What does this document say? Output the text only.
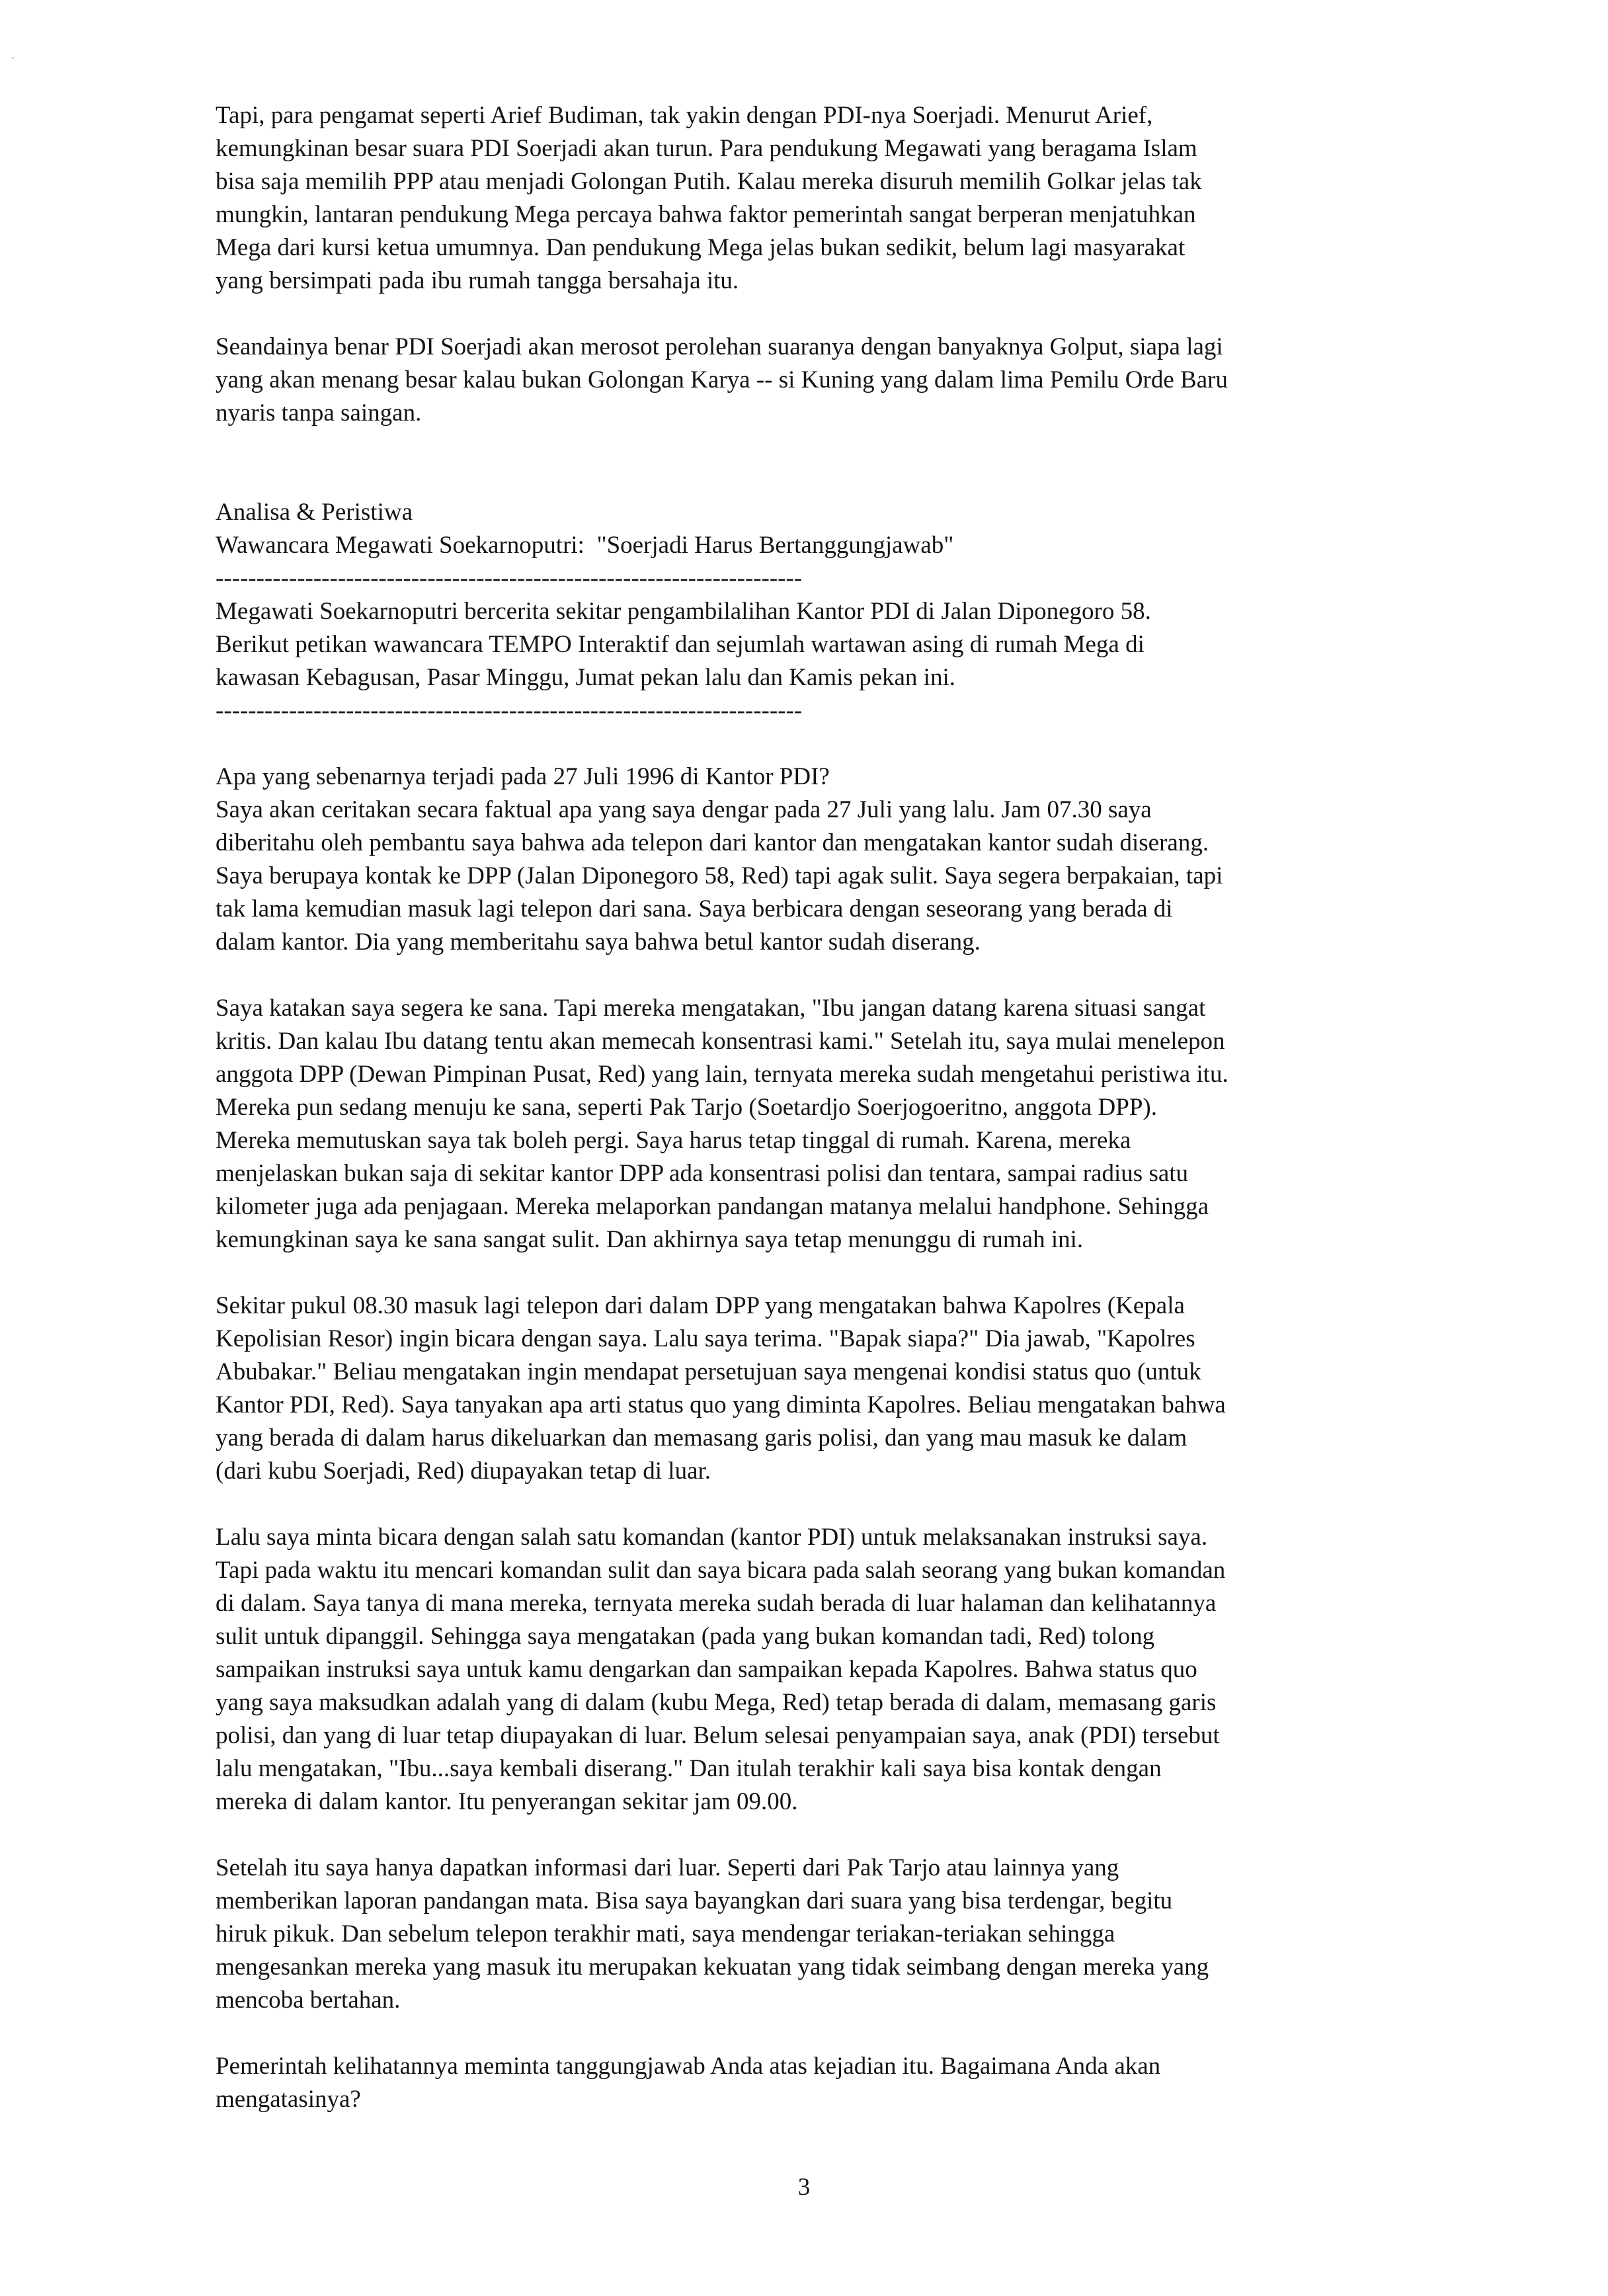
Tapi, para pengamat seperti Arief Budiman, tak yakin dengan PDI-nya Soerjadi. Menurut Arief,
kemungkinan besar suara PDI Soerjadi akan turun. Para pendukung Megawati yang beragama Islam
bisa saja memilih PPP atau menjadi Golongan Putih. Kalau mereka disuruh memilih Golkar jelas tak
mungkin, lantaran pendukung Mega percaya bahwa faktor pemerintah sangat berperan menjatuhkan
Mega dari kursi ketua umumnya. Dan pendukung Mega jelas bukan sedikit, belum lagi masyarakat
yang bersimpati pada ibu rumah tangga bersahaja itu.

Seandainya benar PDI Soerjadi akan merosot perolehan suaranya dengan banyaknya Golput, siapa lagi
yang akan menang besar kalau bukan Golongan Karya -- si Kuning yang dalam lima Pemilu Orde Baru
nyaris tanpa saingan.

Analisa & Peristiwa
Wawancara Megawati Soekarnoputri:  "Soerjadi Harus Bertanggungjawab"
------------------------------------------------------------------------

Megawati Soekarnoputri bercerita sekitar pengambilalihan Kantor PDI di Jalan Diponegoro 58.
Berikut petikan wawancara TEMPO Interaktif dan sejumlah wartawan asing di rumah Mega di
kawasan Kebagusan, Pasar Minggu, Jumat pekan lalu dan Kamis pekan ini.

------------------------------------------------------------------------

Apa yang sebenarnya terjadi pada 27 Juli 1996 di Kantor PDI?

Saya akan ceritakan secara faktual apa yang saya dengar pada 27 Juli yang lalu. Jam 07.30 saya
diberitahu oleh pembantu saya bahwa ada telepon dari kantor dan mengatakan kantor sudah diserang.
Saya berupaya kontak ke DPP (Jalan Diponegoro 58, Red) tapi agak sulit. Saya segera berpakaian, tapi
tak lama kemudian masuk lagi telepon dari sana. Saya berbicara dengan seseorang yang berada di
dalam kantor. Dia yang memberitahu saya bahwa betul kantor sudah diserang.

Saya katakan saya segera ke sana. Tapi mereka mengatakan, "Ibu jangan datang karena situasi sangat
kritis. Dan kalau Ibu datang tentu akan memecah konsentrasi kami." Setelah itu, saya mulai menelepon
anggota DPP (Dewan Pimpinan Pusat, Red) yang lain, ternyata mereka sudah mengetahui peristiwa itu.
Mereka pun sedang menuju ke sana, seperti Pak Tarjo (Soetardjo Soerjogoeritno, anggota DPP).
Mereka memutuskan saya tak boleh pergi. Saya harus tetap tinggal di rumah. Karena, mereka
menjelaskan bukan saja di sekitar kantor DPP ada konsentrasi polisi dan tentara, sampai radius satu
kilometer juga ada penjagaan. Mereka melaporkan pandangan matanya melalui handphone. Sehingga
kemungkinan saya ke sana sangat sulit. Dan akhirnya saya tetap menunggu di rumah ini.

Sekitar pukul 08.30 masuk lagi telepon dari dalam DPP yang mengatakan bahwa Kapolres (Kepala
Kepolisian Resor) ingin bicara dengan saya. Lalu saya terima. "Bapak siapa?" Dia jawab, "Kapolres
Abubakar." Beliau mengatakan ingin mendapat persetujuan saya mengenai kondisi status quo (untuk
Kantor PDI, Red). Saya tanyakan apa arti status quo yang diminta Kapolres. Beliau mengatakan bahwa
yang berada di dalam harus dikeluarkan dan memasang garis polisi, dan yang mau masuk ke dalam
(dari kubu Soerjadi, Red) diupayakan tetap di luar.

Lalu saya minta bicara dengan salah satu komandan (kantor PDI) untuk melaksanakan instruksi saya.
Tapi pada waktu itu mencari komandan sulit dan saya bicara pada salah seorang yang bukan komandan
di dalam. Saya tanya di mana mereka, ternyata mereka sudah berada di luar halaman dan kelihatannya
sulit untuk dipanggil. Sehingga saya mengatakan (pada yang bukan komandan tadi, Red) tolong
sampaikan instruksi saya untuk kamu dengarkan dan sampaikan kepada Kapolres. Bahwa status quo
yang saya maksudkan adalah yang di dalam (kubu Mega, Red) tetap berada di dalam, memasang garis
polisi, dan yang di luar tetap diupayakan di luar. Belum selesai penyampaian saya, anak (PDI) tersebut
lalu mengatakan, "Ibu...saya kembali diserang." Dan itulah terakhir kali saya bisa kontak dengan
mereka di dalam kantor. Itu penyerangan sekitar jam 09.00.

Setelah itu saya hanya dapatkan informasi dari luar. Seperti dari Pak Tarjo atau lainnya yang
memberikan laporan pandangan mata. Bisa saya bayangkan dari suara yang bisa terdengar, begitu
hiruk pikuk. Dan sebelum telepon terakhir mati, saya mendengar teriakan-teriakan sehingga
mengesankan mereka yang masuk itu merupakan kekuatan yang tidak seimbang dengan mereka yang
mencoba bertahan.

Pemerintah kelihatannya meminta tanggungjawab Anda atas kejadian itu. Bagaimana Anda akan
mengatasinya?

3
